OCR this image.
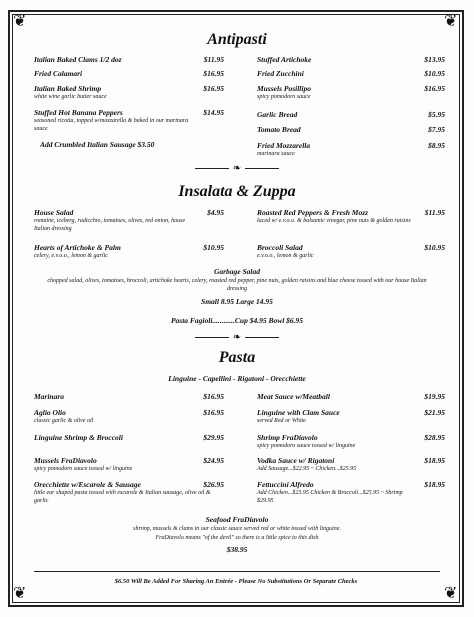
❦	❦
❦	❦
Antipasti
Italian Baked Clams 1/2 doz	$11.95
Fried Calamari	$16.95
Italian Baked Shrimp	$16.95
white wine garlic butter sauce
Stuffed Hot Banana Peppers	$14.95
seasoned ricotta, topped w/mozzarella & baked in our marinara sauce
Add Crumbled Italian Sausage $3.50
Stuffed Artichoke	$13.95
Fried Zucchini	$10.95
Mussels Posillipo	$16.95
spicy pomodoro sauce
Garlic Bread	$5.95
Tomato Bread	$7.95
Fried Mozzarella	$8.95
marinara sauce
❧
Insalata & Zuppa
House Salad	$4.95
romaine, iceberg, radicchio, tomatoes, olives, red onion, house Italian dressing
Hearts of Artichoke & Palm	$10.95
celery, e.v.o.o., lemon & garlic
Roasted Red Peppers & Fresh Mozz	$11.95
laced w/ e.v.o.o. & balsamic vinegar, pine nuts & golden raisins
Broccoli Salad	$10.95
e.v.o.o., lemon & garlic
Garbage Salad
chopped salad, olives, tomatoes, broccoli, artichoke hearts, celery, roasted red pepper, pine nuts, golden raisins and blue cheese tossed with our house Italian dressing
Small 8.95 Large 14.95
Pasta Fagioli............Cup $4.95 Bowl $6.95
❧
Pasta
Linguine - Capellini - Rigatoni - Orecchiette
Marinara	$16.95
Aglio Olio	$16.95
classic garlic & olive oil
Linguine Shrimp & Broccoli	$29.95
Mussels FraDiavolo	$24.95
spicy pomodoro sauce tossed w/ linguine
Orecchiette w/Escarole & Sausage	$26.95
little ear shaped pasta tossed with escarole & Italian sausage, olive oil & garlic
Meat Sauce w/Meatball	$19.95
Linguine with Clam Sauce	$21.95
served Red or White
Shrimp FraDiavolo	$28.95
spicy pomodoro sauce tossed w/ linguine
Vodka Sauce w/ Rigatoni	$18.95
Add Sausage...$22.95 ~ Chicken...$25.95
Fettuccini Alfredo	$18.95
Add Chicken...$23.95 Chicken & Broccoli...$25.95 ~ Shrimp $29.95
Seafood FraDiavolo
shrimp, mussels & clams in our classic sauce served red or white tossed with linguine.
FraDiavolo means "of the devil" so there is a little spice to this dish
$38.95
$6.50 Will Be Added For Sharing An Entrée - Please No Substitutions Or Separate Checks
